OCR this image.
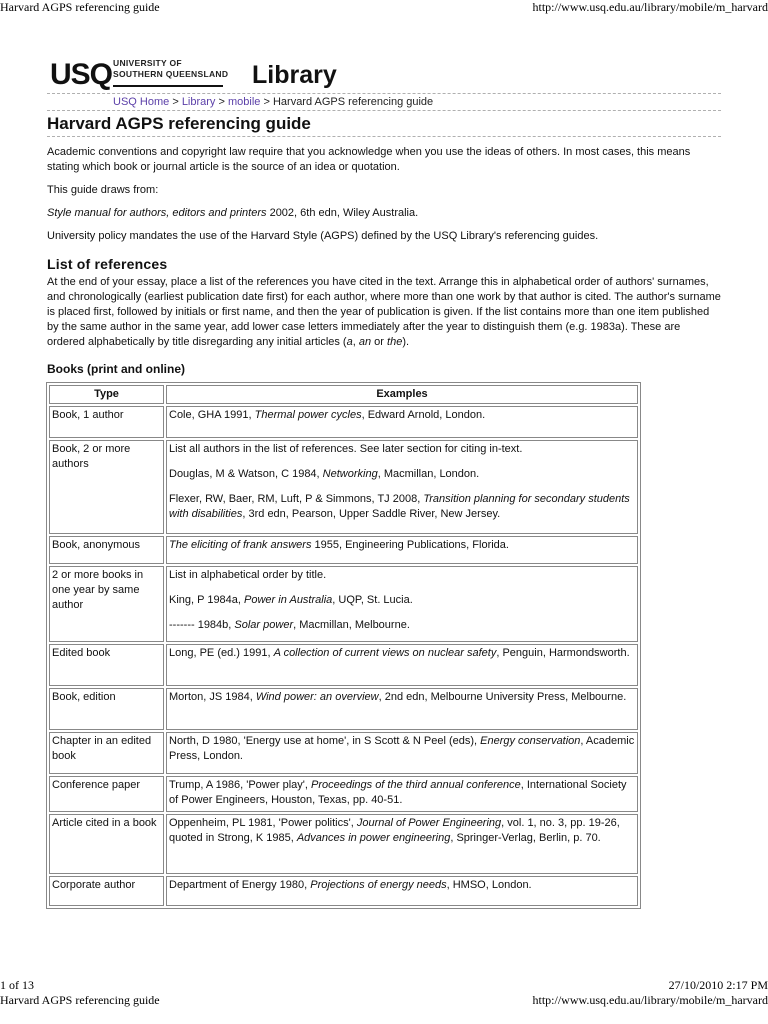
Harvard AGPS referencing guide	http://www.usq.edu.au/library/mobile/m_harvard
USQ UNIVERSITY OF
SOUTHERN QUEENSLAND Library
USQ Home > Library > mobile > Harvard AGPS referencing guide
Harvard AGPS referencing guide

Academic conventions and copyright law require that you acknowledge when you use the ideas of others. In most cases, this means stating which book or journal article is the source of an idea or quotation.

This guide draws from:

Style manual for authors, editors and printers 2002, 6th edn, Wiley Australia.

University policy mandates the use of the Harvard Style (AGPS) defined by the USQ Library's referencing guides.

List of references

At the end of your essay, place a list of the references you have cited in the text. Arrange this in alphabetical order of authors' surnames, and chronologically (earliest publication date first) for each author, where more than one work by that author is cited. The author's surname is placed first, followed by initials or first name, and then the year of publication is given. If the list contains more than one item published by the same author in the same year, add lower case letters immediately after the year to distinguish them (e.g. 1983a). These are ordered alphabetically by title disregarding any initial articles (a, an or the).

Books (print and online)
Type	Examples
Book, 1 author	Cole, GHA 1991, Thermal power cycles, Edward Arnold, London.

Book, 2 or more authors	List all authors in the list of references. See later section for citing in-text.

Douglas, M & Watson, C 1984, Networking, Macmillan, London.

Flexer, RW, Baer, RM, Luft, P & Simmons, TJ 2008, Transition planning for secondary students with disabilities, 3rd edn, Pearson, Upper Saddle River, New Jersey.

Book, anonymous	The eliciting of frank answers 1955, Engineering Publications, Florida.

2 or more books in one year by same author	List in alphabetical order by title.

King, P 1984a, Power in Australia, UQP, St. Lucia.

------- 1984b, Solar power, Macmillan, Melbourne.

Edited book	Long, PE (ed.) 1991, A collection of current views on nuclear safety, Penguin, Harmondsworth.

Book, edition	Morton, JS 1984, Wind power: an overview, 2nd edn, Melbourne University Press, Melbourne.

Chapter in an edited book	North, D 1980, 'Energy use at home', in S Scott & N Peel (eds), Energy conservation, Academic Press, London.

Conference paper	Trump, A 1986, 'Power play', Proceedings of the third annual conference, International Society of Power Engineers, Houston, Texas, pp. 40-51.

Article cited in a book	Oppenheim, PL 1981, 'Power politics', Journal of Power Engineering, vol. 1, no. 3, pp. 19-26, quoted in Strong, K 1985, Advances in power engineering, Springer-Verlag, Berlin, p. 70.

Corporate author	Department of Energy 1980, Projections of energy needs, HMSO, London.

1 of 13	27/10/2010 2:17 PM
Harvard AGPS referencing guide	http://www.usq.edu.au/library/mobile/m_harvard
